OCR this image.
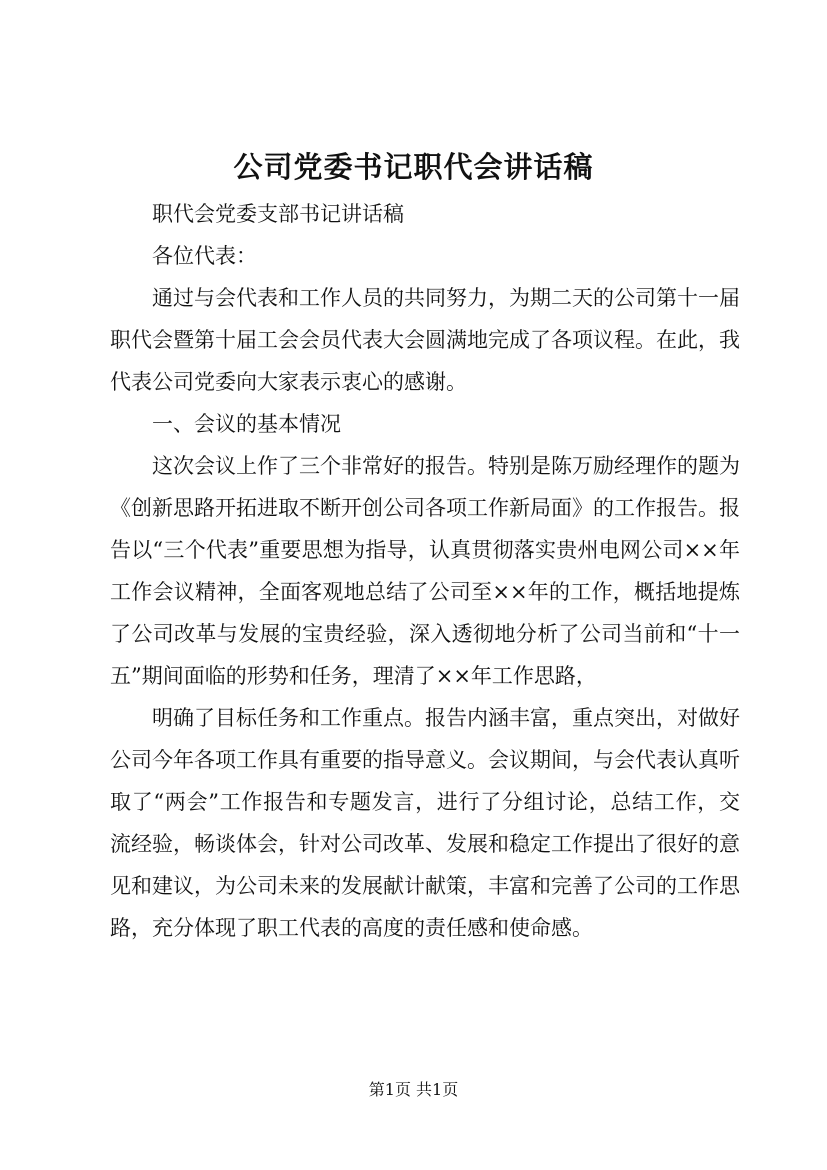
公司党委书记职代会讲话稿

职代会党委支部书记讲话稿

各位代表：

通过与会代表和工作人员的共同努力，为期二天的公司第十一届职代会暨第十届工会会员代表大会圆满地完成了各项议程。在此，我代表公司党委向大家表示衷心的感谢。

一、会议的基本情况

这次会议上作了三个非常好的报告。特别是陈万励经理作的题为《创新思路开拓进取不断开创公司各项工作新局面》的工作报告。报告以“三个代表”重要思想为指导，认真贯彻落实贵州电网公司××年工作会议精神，全面客观地总结了公司至××年的工作，概括地提炼了公司改革与发展的宝贵经验，深入透彻地分析了公司当前和“十一五”期间面临的形势和任务，理清了××年工作思路，

明确了目标任务和工作重点。报告内涵丰富，重点突出，对做好公司今年各项工作具有重要的指导意义。会议期间，与会代表认真听取了“两会”工作报告和专题发言，进行了分组讨论，总结工作，交流经验，畅谈体会，针对公司改革、发展和稳定工作提出了很好的意见和建议，为公司未来的发展献计献策，丰富和完善了公司的工作思路，充分体现了职工代表的高度的责任感和使命感。

第1页 共1页
